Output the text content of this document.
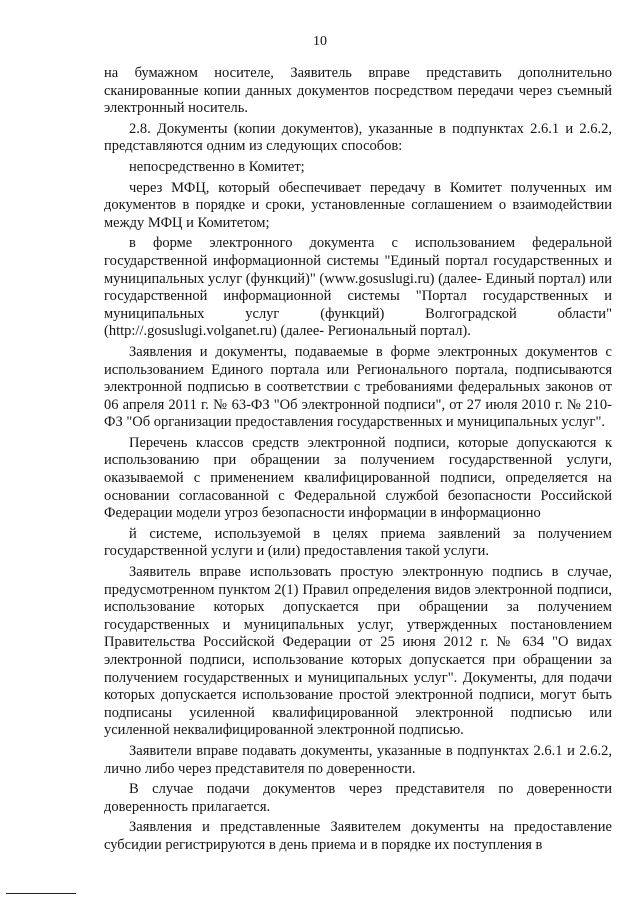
10

на бумажном носителе, Заявитель вправе представить дополнительно сканированные копии данных документов посредством передачи через съемный электронный носитель.

2.8. Документы (копии документов), указанные в подпунктах 2.6.1 и 2.6.2, представляются одним из следующих способов:

непосредственно в Комитет;

через МФЦ, который обеспечивает передачу в Комитет полученных им документов в порядке и сроки, установленные соглашением о взаимодействии между МФЦ и Комитетом;

в форме электронного документа с использованием федеральной государственной информационной системы "Единый портал государственных и муниципальных услуг (функций)" (www.gosuslugi.ru) (далее- Единый портал) или государственной информационной системы "Портал государственных и муниципальных услуг (функций) Волгоградской области" (http://.gosuslugi.volganet.ru) (далее- Региональный портал).

Заявления и документы, подаваемые в форме электронных документов с использованием Единого портала или Регионального портала, подписываются электронной подписью в соответствии с требованиями федеральных законов от 06 апреля 2011 г. № 63-ФЗ "Об электронной подписи", от 27 июля 2010 г. № 210-ФЗ "Об организации предоставления государственных и муниципальных услуг".

Перечень классов средств электронной подписи, которые допускаются к использованию при обращении за получением государственной услуги, оказываемой с применением квалифицированной подписи, определяется на основании согласованной с Федеральной службой безопасности Российской Федерации модели угроз безопасности информации в информационно

й системе, используемой в целях приема заявлений за получением государственной услуги и (или) предоставления такой услуги.

Заявитель вправе использовать простую электронную подпись в случае, предусмотренном пунктом 2(1) Правил определения видов электронной подписи, использование которых допускается при обращении за получением государственных и муниципальных услуг, утвержденных постановлением Правительства Российской Федерации от 25 июня 2012 г. № 634 "О видах электронной подписи, использование которых допускается при обращении за получением государственных и муниципальных услуг". Документы, для подачи которых допускается использование простой электронной подписи, могут быть подписаны усиленной квалифицированной электронной подписью или усиленной неквалифицированной электронной подписью.

Заявители вправе подавать документы, указанные в подпунктах 2.6.1 и 2.6.2, лично либо через представителя по доверенности.

В случае подачи документов через представителя по доверенности доверенность прилагается.

Заявления и представленные Заявителем документы на предоставление субсидии регистрируются в день приема и в порядке их поступления в
